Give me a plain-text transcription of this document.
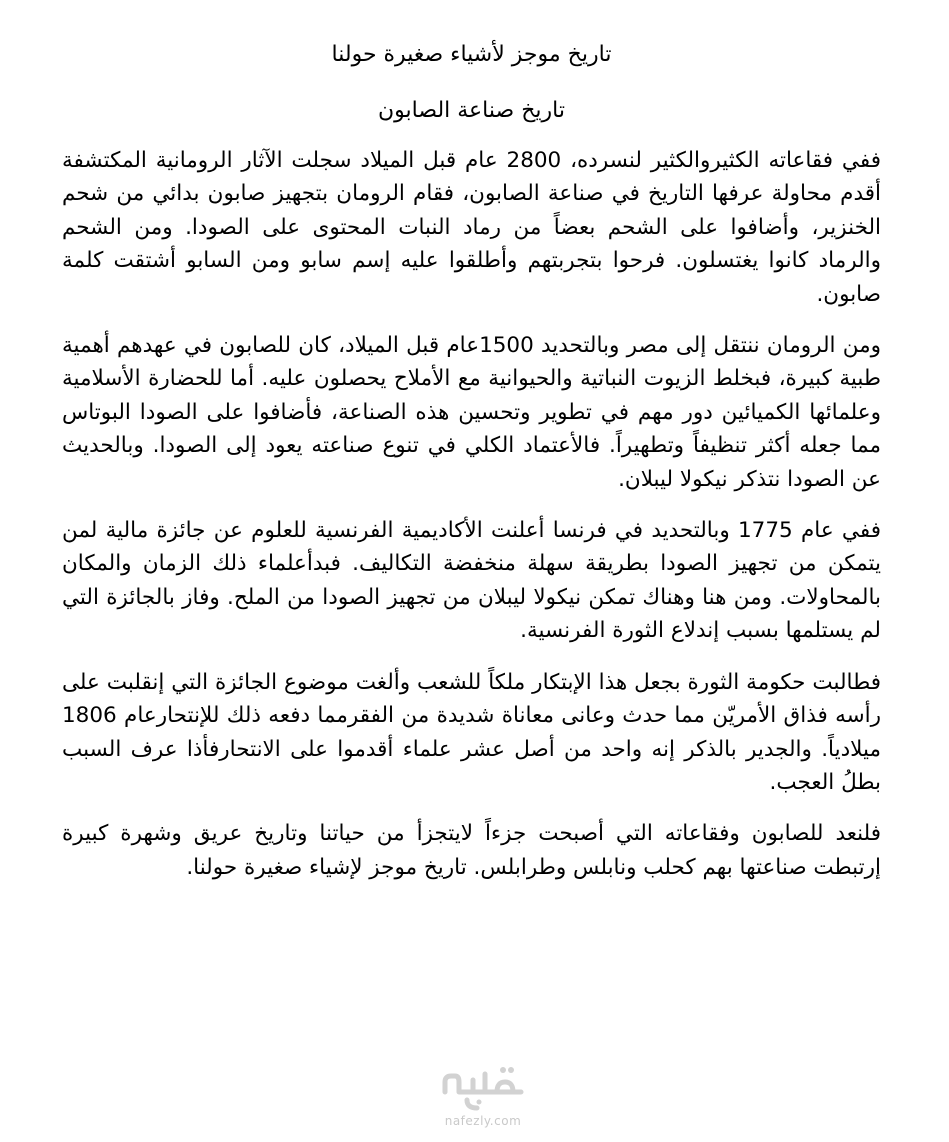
تاريخ موجز لأشياء صغيرة حولنا
تاريخ صناعة الصابون

ففي فقاعاته الكثيروالكثير لنسرده، 2800 عام قبل الميلاد سجلت الآثار الرومانية المكتشفة أقدم محاولة عرفها التاريخ في صناعة الصابون، فقام الرومان بتجهيز صابون بدائي من شحم الخنزير، وأضافوا على الشحم بعضاً من رماد النبات المحتوى على الصودا. ومن الشحم والرماد كانوا يغتسلون. فرحوا بتجربتهم وأطلقوا عليه إسم سابو ومن السابو أشتقت كلمة صابون.

ومن الرومان ننتقل إلى مصر وبالتحديد 1500عام قبل الميلاد، كان للصابون في عهدهم أهمية طبية كبيرة، فبخلط الزيوت النباتية والحيوانية مع الأملاح يحصلون عليه. أما للحضارة الأسلامية وعلمائها الكميائين دور مهم في تطوير وتحسين هذه الصناعة، فأضافوا على الصودا البوتاس مما جعله أكثر تنظيفاً وتطهيراً. فالأعتماد الكلي في تنوع صناعته يعود إلى الصودا. وبالحديث عن الصودا نتذكر نيكولا ليبلان.

ففي عام 1775 وبالتحديد في فرنسا أعلنت الأكاديمية الفرنسية للعلوم عن جائزة مالية لمن يتمكن من تجهيز الصودا بطريقة سهلة منخفضة التكاليف. فبدأعلماء ذلك الزمان والمكان بالمحاولات. ومن هنا وهناك تمكن نيكولا ليبلان من تجهيز الصودا من الملح. وفاز بالجائزة التي لم يستلمها بسبب إندلاع الثورة الفرنسية.

فطالبت حكومة الثورة بجعل هذا الإبتكار ملكاً للشعب وألغت موضوع الجائزة التي إنقلبت على رأسه فذاق الأمريّن مما حدث وعانى معاناة شديدة من الفقرمما دفعه ذلك للإنتحارعام 1806 ميلادياً. والجدير بالذكر إنه واحد من أصل عشر علماء أقدموا على الانتحارفأذا عرف السبب بطلُ العجب.

فلنعد للصابون وفقاعاته التي أصبحت جزءاً لايتجزأ من حياتنا وتاريخ عريق وشهرة كبيرة إرتبطت صناعتها بهم كحلب ونابلس وطرابلس. تاريخ موجز لإشياء صغيرة حولنا.

nafezly.com
